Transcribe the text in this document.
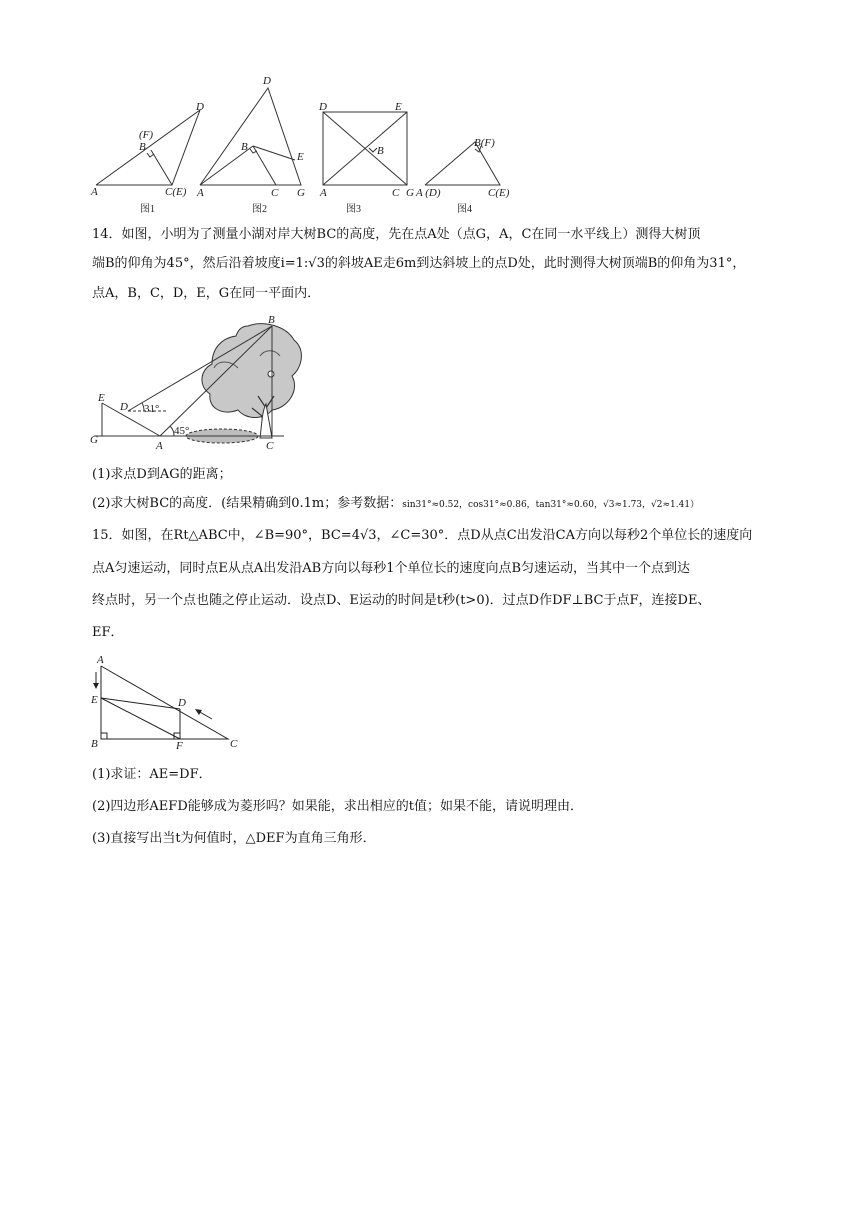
D
(F)
B
A	C(E)
图1
D
B
E
A	C G
图2
D	E
B
A	C G
图3
B(F)
A (D)	C(E)
图4
14．如图，小明为了测量小湖对岸大树BC的高度，先在点A处（点G，A，C在同一水平线上）测得大树顶
端B的仰角为45°，然后沿着坡度i=1:√3的斜坡AE走6m到达斜坡上的点D处，此时测得大树顶端B的仰角为31°，
点A，B，C，D，E，G在同一平面内．
B
E
D 31°
45°
G	A	C
(1)求点D到AG的距离；
(2)求大树BC的高度．(结果精确到0.1m；参考数据：sin31°≈0.52，cos31°≈0.86，tan31°≈0.60，√3≈1.73，√2≈1.41）
15．如图，在Rt△ABC中，∠B=90°，BC=4√3，∠C=30°．点D从点C出发沿CA方向以每秒2个单位长的速度向
点A匀速运动，同时点E从点A出发沿AB方向以每秒1个单位长的速度向点B匀速运动，当其中一个点到达
终点时，另一个点也随之停止运动．设点D、E运动的时间是t秒(t>0)．过点D作DF⊥BC于点F，连接DE、
EF．
A
E	D
B	F	C
(1)求证：AE=DF．
(2)四边形AEFD能够成为菱形吗？如果能，求出相应的t值；如果不能，请说明理由．
(3)直接写出当t为何值时，△DEF为直角三角形．
